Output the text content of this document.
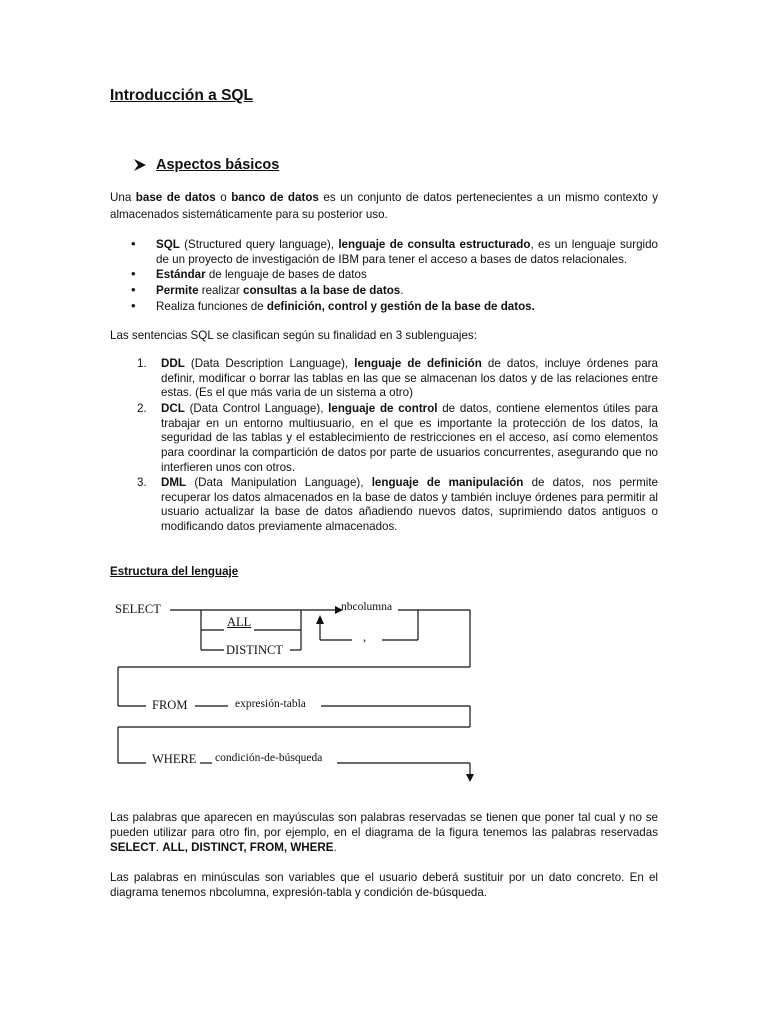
Introducción a SQL
Aspectos básicos
Una base de datos o banco de datos es un conjunto de datos pertenecientes a un mismo contexto y almacenados sistemáticamente para su posterior uso.
• SQL (Structured query language), lenguaje de consulta estructurado, es un lenguaje surgido de un proyecto de investigación de IBM para tener el acceso a bases de datos relacionales.
• Estándar de lenguaje de bases de datos
• Permite realizar consultas a la base de datos.
• Realiza funciones de definición, control y gestión de la base de datos.
Las sentencias SQL se clasifican según su finalidad en 3 sublenguajes:
1.	DDL (Data Description Language), lenguaje de definición de datos, incluye órdenes para definir, modificar o borrar las tablas en las que se almacenan los datos y de las relaciones entre estas. (Es el que más varia de un sistema a otro)
2.	DCL (Data Control Language), lenguaje de control de datos, contiene elementos útiles para trabajar en un entorno multiusuario, en el que es importante la protección de los datos, la seguridad de las tablas y el establecimiento de restricciones en el acceso, así como elementos para coordinar la compartición de datos por parte de usuarios concurrentes, asegurando que no interfieren unos con otros.
3.	DML (Data Manipulation Language), lenguaje de manipulación de datos, nos permite recuperar los datos almacenados en la base de datos y también incluye órdenes para permitir al usuario actualizar la base de datos añadiendo nuevos datos, suprimiendo datos antiguos o modificando datos previamente almacenados.
Estructura del lenguaje
SELECT
ALL
DISTINCT
nbcolumna
,
FROM	expresión-tabla
WHERE condición-de-búsqueda
Las palabras que aparecen en mayúsculas son palabras reservadas se tienen que poner tal cual y no se pueden utilizar para otro fin, por ejemplo, en el diagrama de la figura tenemos las palabras reservadas SELECT. ALL, DISTINCT, FROM, WHERE.
Las palabras en minúsculas son variables que el usuario deberá sustituir por un dato concreto. En el diagrama tenemos nbcolumna, expresión-tabla y condición de-búsqueda.
